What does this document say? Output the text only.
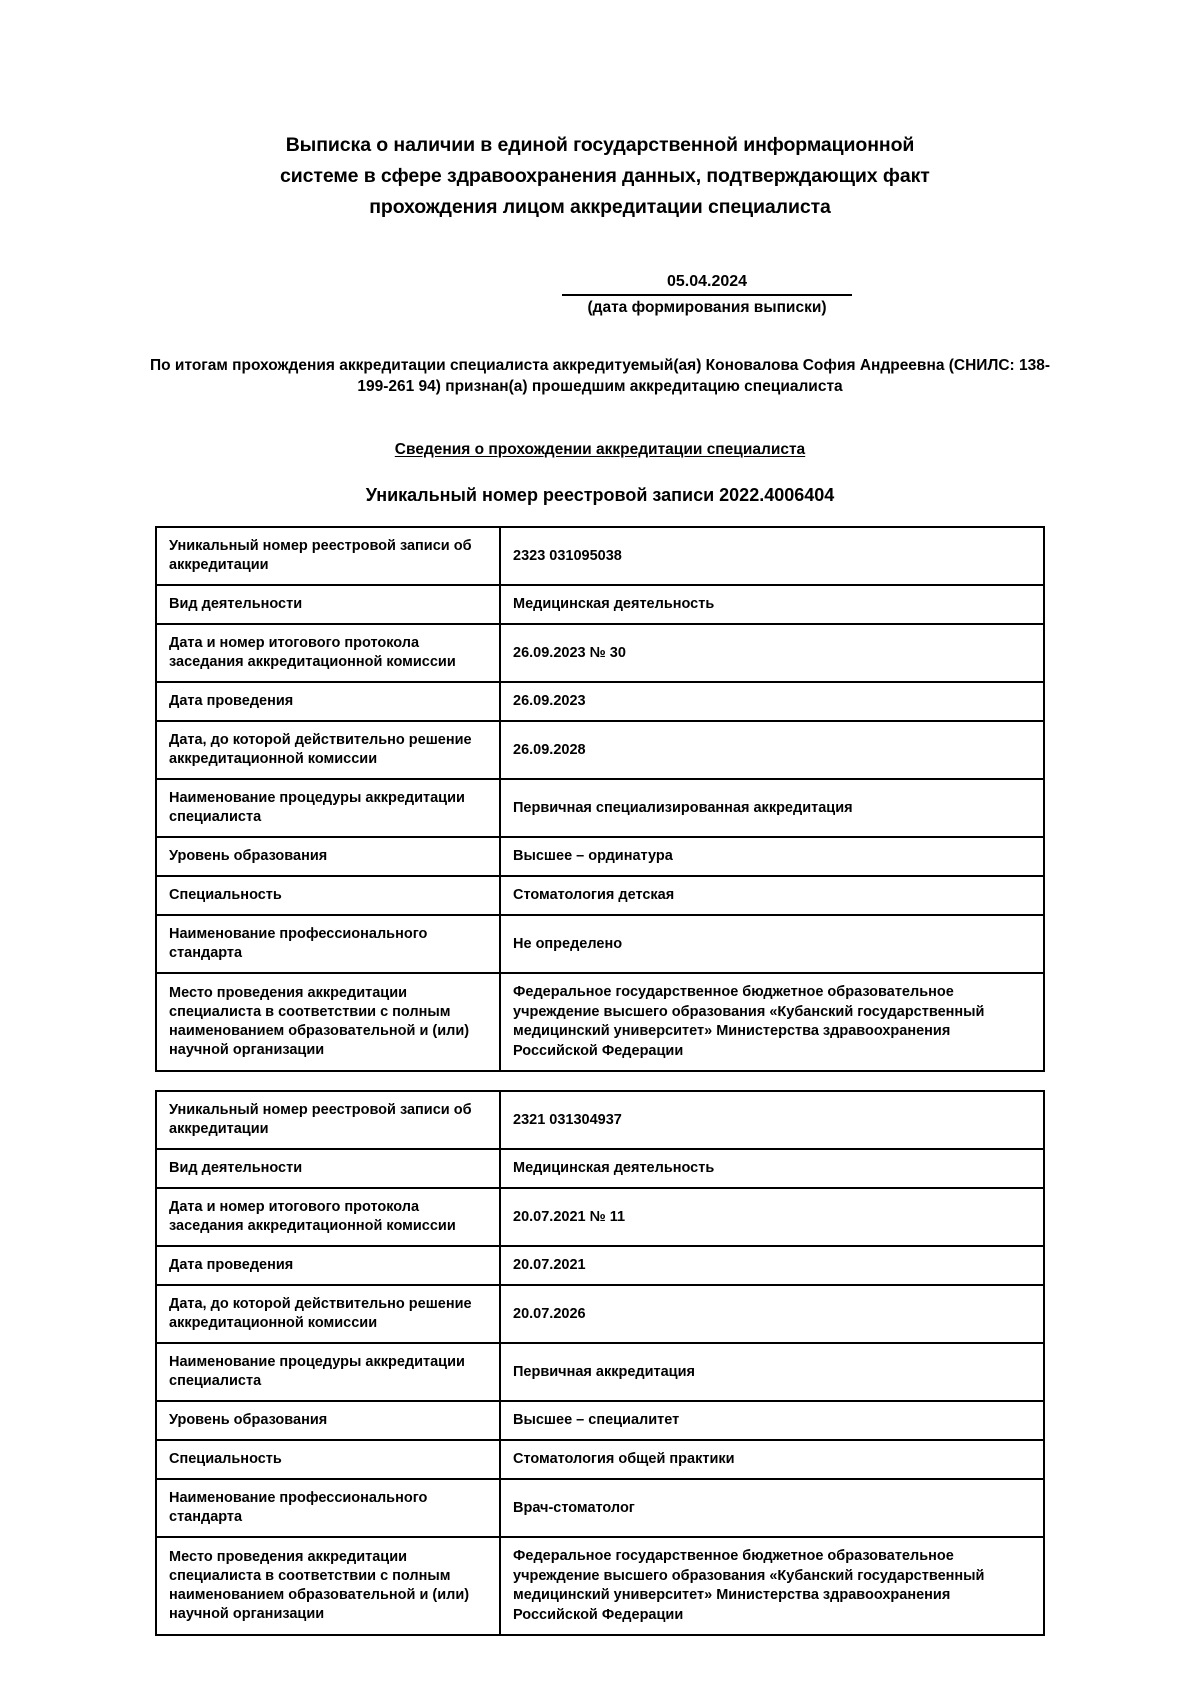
Выписка о наличии в единой государственной информационной
системе в сфере здравоохранения данных, подтверждающих факт
прохождения лицом аккредитации специалиста
05.04.2024
(дата формирования выписки)

По итогам прохождения аккредитации специалиста аккредитуемый(ая) Коновалова София Андреевна (СНИЛС: 138-199-261 94) признан(а) прошедшим аккредитацию специалиста

Сведения о прохождении аккредитации специалиста
Уникальный номер реестровой записи 2022.4006404
Уникальный номер реестровой записи об аккредитации	2323 031095038
Вид деятельности	Медицинская деятельность
Дата и номер итогового протокола заседания аккредитационной комиссии	26.09.2023 № 30
Дата проведения	26.09.2023
Дата, до которой действительно решение аккредитационной комиссии	26.09.2028
Наименование процедуры аккредитации специалиста	Первичная специализированная аккредитация
Уровень образования	Высшее – ординатура
Специальность	Стоматология детская
Наименование профессионального стандарта	Не определено
Место проведения аккредитации специалиста в соответствии с полным наименованием образовательной и (или) научной организации	Федеральное государственное бюджетное образовательное учреждение высшего образования «Кубанский государственный медицинский университет» Министерства здравоохранения Российской Федерации
Уникальный номер реестровой записи об аккредитации	2321 031304937
Вид деятельности	Медицинская деятельность
Дата и номер итогового протокола заседания аккредитационной комиссии	20.07.2021 № 11
Дата проведения	20.07.2021
Дата, до которой действительно решение аккредитационной комиссии	20.07.2026
Наименование процедуры аккредитации специалиста	Первичная аккредитация
Уровень образования	Высшее – специалитет
Специальность	Стоматология общей практики
Наименование профессионального стандарта	Врач-стоматолог
Место проведения аккредитации специалиста в соответствии с полным наименованием образовательной и (или) научной организации	Федеральное государственное бюджетное образовательное учреждение высшего образования «Кубанский государственный медицинский университет» Министерства здравоохранения Российской Федерации
